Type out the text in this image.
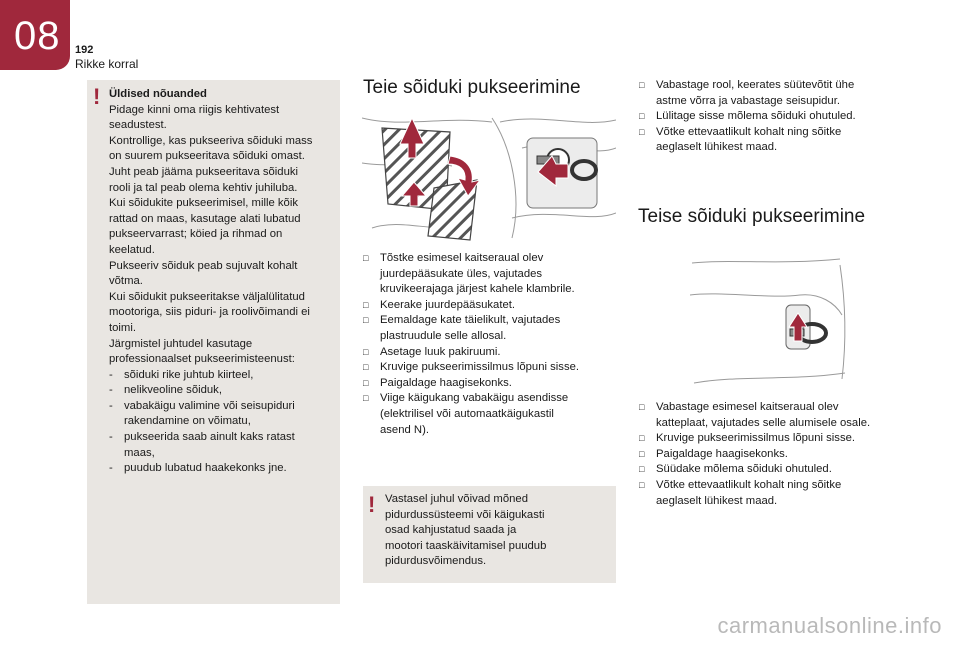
08 192
Rikke korral
! Üldised nõuanded
Pidage kinni oma riigis kehtivatest
seadustest.
Kontrollige, kas pukseeriva sõiduki mass
on suurem pukseeritava sõiduki omast.
Juht peab jääma pukseeritava sõiduki
rooli ja tal peab olema kehtiv juhiluba.
Kui sõidukite pukseerimisel, mille kõik
rattad on maas, kasutage alati lubatud
pukseervarrast; köied ja rihmad on
keelatud.
Pukseeriv sõiduk peab sujuvalt kohalt
võtma.
Kui sõidukit pukseeritakse väljalülitatud
mootoriga, siis piduri- ja roolivõimandi ei
toimi.
Järgmistel juhtudel kasutage
professionaalset pukseerimisteenust:
- sõiduki rike juhtub kiirteel,
- nelikveoline sõiduk,
- vabakäigu valimine või seisupiduri
rakendamine on võimatu,
- pukseerida saab ainult kaks ratast
maas,
- puudub lubatud haakekonks jne.
Teie sõiduki pukseerimine
□ Tõstke esimesel kaitseraual olev
juurdepääsukate üles, vajutades
kruvikeerajaga järjest kahele klambrile.
□ Keerake juurdepääsukatet.
□ Eemaldage kate täielikult, vajutades
plastruudule selle allosal.
□ Asetage luuk pakiruumi.
□ Kruvige pukseerimissilmus lõpuni sisse.
□ Paigaldage haagisekonks.
□ Viige käigukang vabakäigu asendisse
(elektrilisel või automaatkäigukastil
asend N).
! Vastasel juhul võivad mõned
pidurdussüsteemi või käigukasti
osad kahjustatud saada ja
mootori taaskäivitamisel puudub
pidurdusvõimendus.
□ Vabastage rool, keerates süütevõtit ühe
astme võrra ja vabastage seisupidur.
□ Lülitage sisse mõlema sõiduki ohutuled.
□ Võtke ettevaatlikult kohalt ning sõitke
aeglaselt lühikest maad.
Teise sõiduki pukseerimine
□ Vabastage esimesel kaitseraual olev
katteplaat, vajutades selle alumisele osale.
□ Kruvige pukseerimissilmus lõpuni sisse.
□ Paigaldage haagisekonks.
□ Süüdake mõlema sõiduki ohutuled.
□ Võtke ettevaatlikult kohalt ning sõitke
aeglaselt lühikest maad.
carmanualsonline.info
